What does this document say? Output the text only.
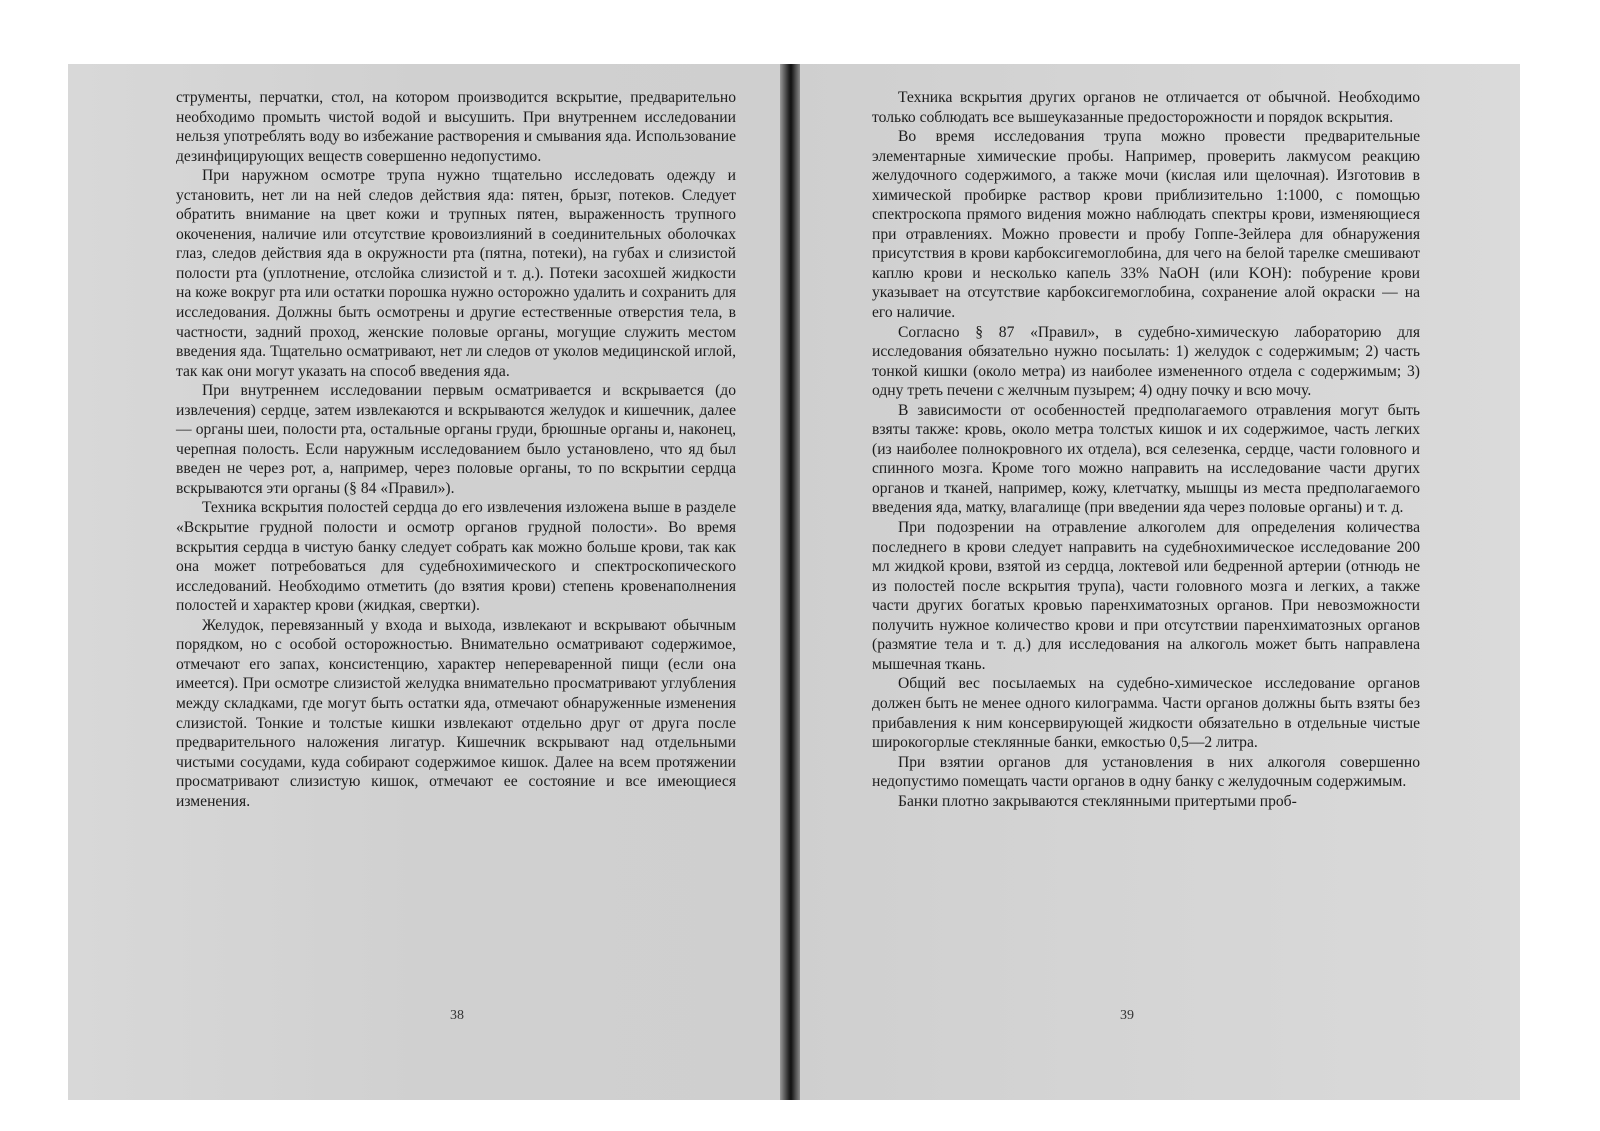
струменты, перчатки, стол, на котором производится вскрытие, предварительно необходимо промыть чистой водой и высушить. При внутреннем исследовании нельзя употреблять воду во избежание растворения и смывания яда. Использование дезинфицирующих веществ совершенно недопустимо.

При наружном осмотре трупа нужно тщательно исследовать одежду и установить, нет ли на ней следов действия яда: пятен, брызг, потеков. Следует обратить внимание на цвет кожи и трупных пятен, выраженность трупного окоченения, наличие или отсутствие кровоизлияний в соединительных оболочках глаз, следов действия яда в окружности рта (пятна, потеки), на губах и слизистой полости рта (уплотнение, отслойка слизистой и т. д.). Потеки засохшей жидкости на коже вокруг рта или остатки порошка нужно осторожно удалить и сохранить для исследования. Должны быть осмотрены и другие естественные отверстия тела, в частности, задний проход, женские половые органы, могущие служить местом введения яда. Тщательно осматривают, нет ли следов от уколов медицинской иглой, так как они могут указать на способ введения яда.

При внутреннем исследовании первым осматривается и вскрывается (до извлечения) сердце, затем извлекаются и вскрываются желудок и кишечник, далее — органы шеи, полости рта, остальные органы груди, брюшные органы и, наконец, черепная полость. Если наружным исследованием было установлено, что яд был введен не через рот, а, например, через половые органы, то по вскрытии сердца вскрываются эти органы (§ 84 «Правил»).

Техника вскрытия полостей сердца до его извлечения изложена выше в разделе «Вскрытие грудной полости и осмотр органов грудной полости». Во время вскрытия сердца в чистую банку следует собрать как можно больше крови, так как она может потребоваться для судебнохимического и спектроскопического исследований. Необходимо отметить (до взятия крови) степень кровенаполнения полостей и характер крови (жидкая, свертки).

Желудок, перевязанный у входа и выхода, извлекают и вскрывают обычным порядком, но с особой осторожностью. Внимательно осматривают содержимое, отмечают его запах, консистенцию, характер непереваренной пищи (если она имеется). При осмотре слизистой желудка внимательно просматривают углубления между складками, где могут быть остатки яда, отмечают обнаруженные изменения слизистой. Тонкие и толстые кишки извлекают отдельно друг от друга после предварительного наложения лигатур. Кишечник вскрывают над отдельными чистыми сосудами, куда собирают содержимое кишок. Далее на всем протяжении просматривают слизистую кишок, отмечают ее состояние и все имеющиеся изменения.

38

Техника вскрытия других органов не отличается от обычной. Необходимо только соблюдать все вышеуказанные предосторожности и порядок вскрытия.

Во время исследования трупа можно провести предварительные элементарные химические пробы. Например, проверить лакмусом реакцию желудочного содержимого, а также мочи (кислая или щелочная). Изготовив в химической пробирке раствор крови приблизительно 1:1000, с помощью спектроскопа прямого видения можно наблюдать спектры крови, изменяющиеся при отравлениях. Можно провести и пробу Гоппе-Зейлера для обнаружения присутствия в крови карбоксигемоглобина, для чего на белой тарелке смешивают каплю крови и несколько капель 33% NaOH (или KOH): побурение крови указывает на отсутствие карбоксигемоглобина, сохранение алой окраски — на его наличие.

Согласно § 87 «Правил», в судебно-химическую лабораторию для исследования обязательно нужно посылать: 1) желудок с содержимым; 2) часть тонкой кишки (около метра) из наиболее измененного отдела с содержимым; 3) одну треть печени с желчным пузырем; 4) одну почку и всю мочу.

В зависимости от особенностей предполагаемого отравления могут быть взяты также: кровь, около метра толстых кишок и их содержимое, часть легких (из наиболее полнокровного их отдела), вся селезенка, сердце, части головного и спинного мозга. Кроме того можно направить на исследование части других органов и тканей, например, кожу, клетчатку, мышцы из места предполагаемого введения яда, матку, влагалище (при введении яда через половые органы) и т. д.

При подозрении на отравление алкоголем для определения количества последнего в крови следует направить на судебнохимическое исследование 200 мл жидкой крови, взятой из сердца, локтевой или бедренной артерии (отнюдь не из полостей после вскрытия трупа), части головного мозга и легких, а также части других богатых кровью паренхиматозных органов. При невозможности получить нужное количество крови и при отсутствии паренхиматозных органов (размятие тела и т. д.) для исследования на алкоголь может быть направлена мышечная ткань.

Общий вес посылаемых на судебно-химическое исследование органов должен быть не менее одного килограмма. Части органов должны быть взяты без прибавления к ним консервирующей жидкости обязательно в отдельные чистые широкогорлые стеклянные банки, емкостью 0,5—2 литра.

При взятии органов для установления в них алкоголя совершенно недопустимо помещать части органов в одну банку с желудочным содержимым.

Банки плотно закрываются стеклянными притертыми проб-

39
